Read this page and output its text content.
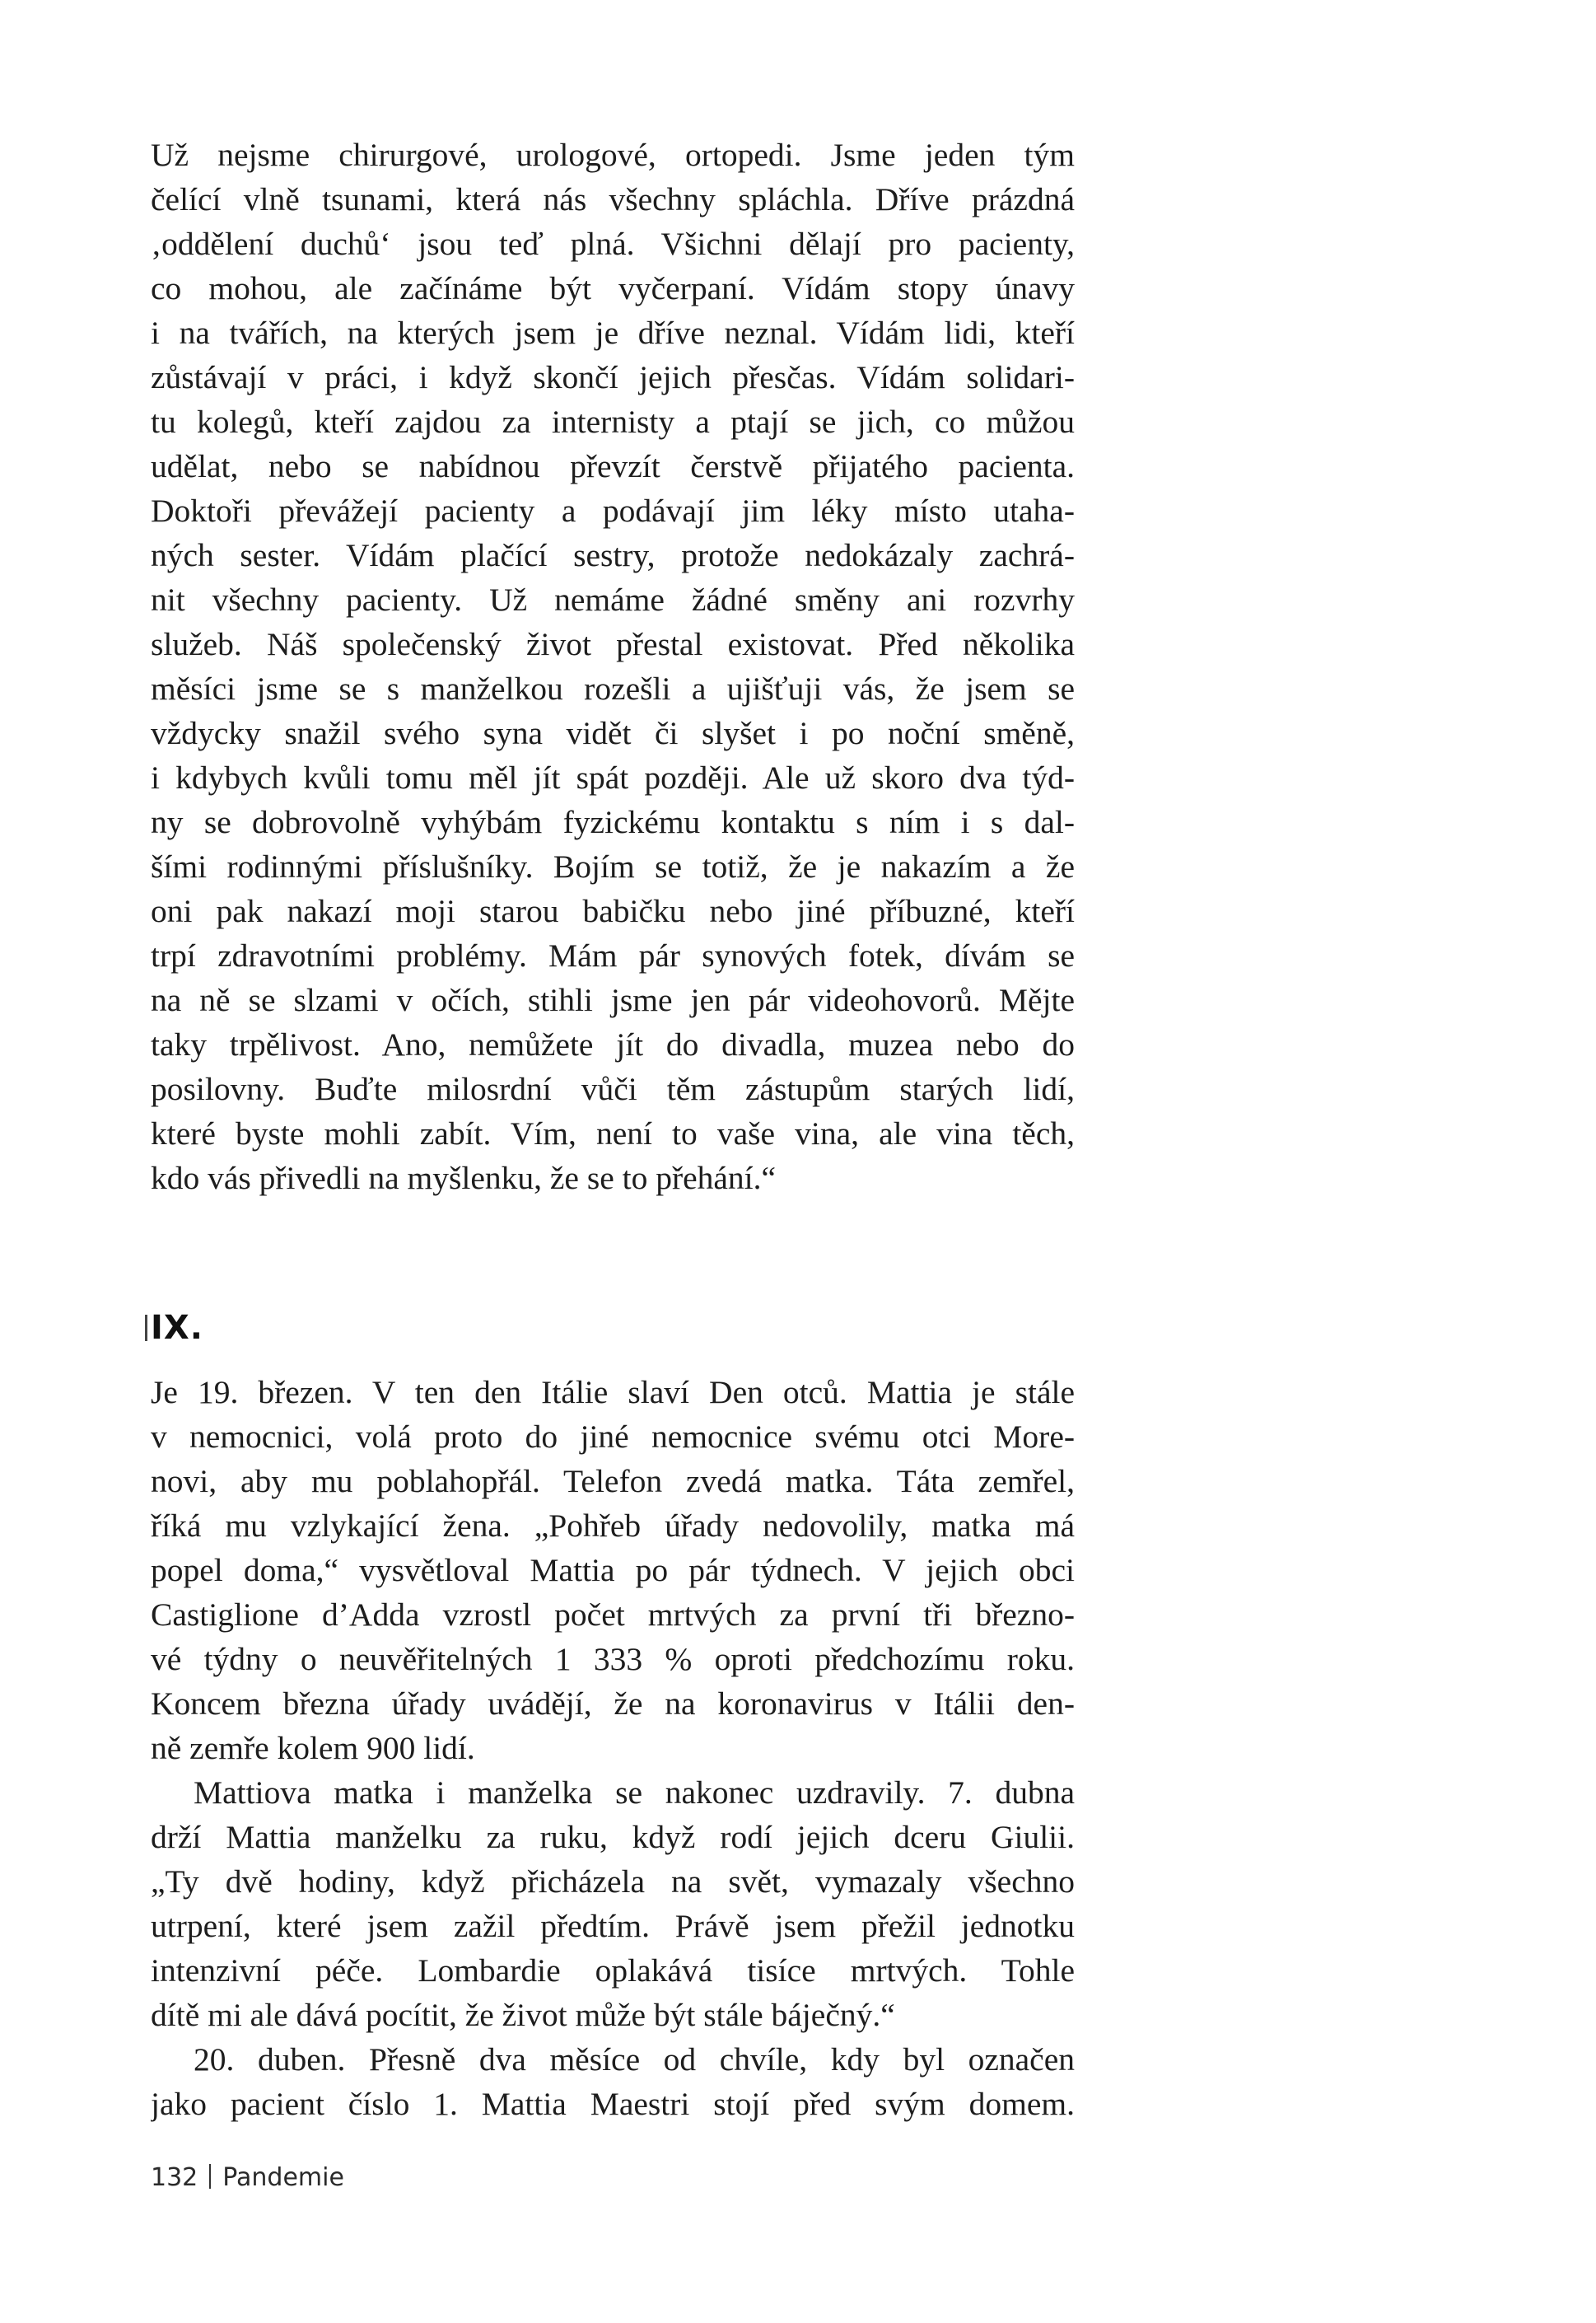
Už nejsme chirurgové, urologové, ortopedi. Jsme jeden tým
čelící vlně tsunami, která nás všechny spláchla. Dříve prázdná
‚oddělení duchů‘ jsou teď plná. Všichni dělají pro pacienty,
co mohou, ale začínáme být vyčerpaní. Vídám stopy únavy
i na tvářích, na kterých jsem je dříve neznal. Vídám lidi, kteří
zůstávají v práci, i když skončí jejich přesčas. Vídám solidari-
tu kolegů, kteří zajdou za internisty a ptají se jich, co můžou
udělat, nebo se nabídnou převzít čerstvě přijatého pacienta.
Doktoři převážejí pacienty a podávají jim léky místo utaha-
ných sester. Vídám plačící sestry, protože nedokázaly zachrá-
nit všechny pacienty. Už nemáme žádné směny ani rozvrhy
služeb. Náš společenský život přestal existovat. Před několika
měsíci jsme se s manželkou rozešli a ujišťuji vás, že jsem se
vždycky snažil svého syna vidět či slyšet i po noční směně,
i kdybych kvůli tomu měl jít spát později. Ale už skoro dva týd-
ny se dobrovolně vyhýbám fyzickému kontaktu s ním i s dal-
šími rodinnými příslušníky. Bojím se totiž, že je nakazím a že
oni pak nakazí moji starou babičku nebo jiné příbuzné, kteří
trpí zdravotními problémy. Mám pár synových fotek, dívám se
na ně se slzami v očích, stihli jsme jen pár videohovorů. Mějte
taky trpělivost. Ano, nemůžete jít do divadla, muzea nebo do
posilovny. Buďte milosrdní vůči těm zástupům starých lidí,
které byste mohli zabít. Vím, není to vaše vina, ale vina těch,
kdo vás přivedli na myšlenku, že se to přehání.“
IX.
Je 19. březen. V ten den Itálie slaví Den otců. Mattia je stále
v nemocnici, volá proto do jiné nemocnice svému otci More-
novi, aby mu poblahopřál. Telefon zvedá matka. Táta zemřel,
říká mu vzlykající žena. „Pohřeb úřady nedovolily, matka má
popel doma,“ vysvětloval Mattia po pár týdnech. V jejich obci
Castiglione d’Adda vzrostl počet mrtvých za první tři březno-
vé týdny o neuvěřitelných 1 333 % oproti předchozímu roku.
Koncem března úřady uvádějí, že na koronavirus v Itálii den-
ně zemře kolem 900 lidí.
Mattiova matka i manželka se nakonec uzdravily. 7. dubna
drží Mattia manželku za ruku, když rodí jejich dceru Giulii.
„Ty dvě hodiny, když přicházela na svět, vymazaly všechno
utrpení, které jsem zažil předtím. Právě jsem přežil jednotku
intenzivní péče. Lombardie oplakává tisíce mrtvých. Tohle
dítě mi ale dává pocítit, že život může být stále báječný.“
20. duben. Přesně dva měsíce od chvíle, kdy byl označen
jako pacient číslo 1. Mattia Maestri stojí před svým domem.
132 Pandemie
